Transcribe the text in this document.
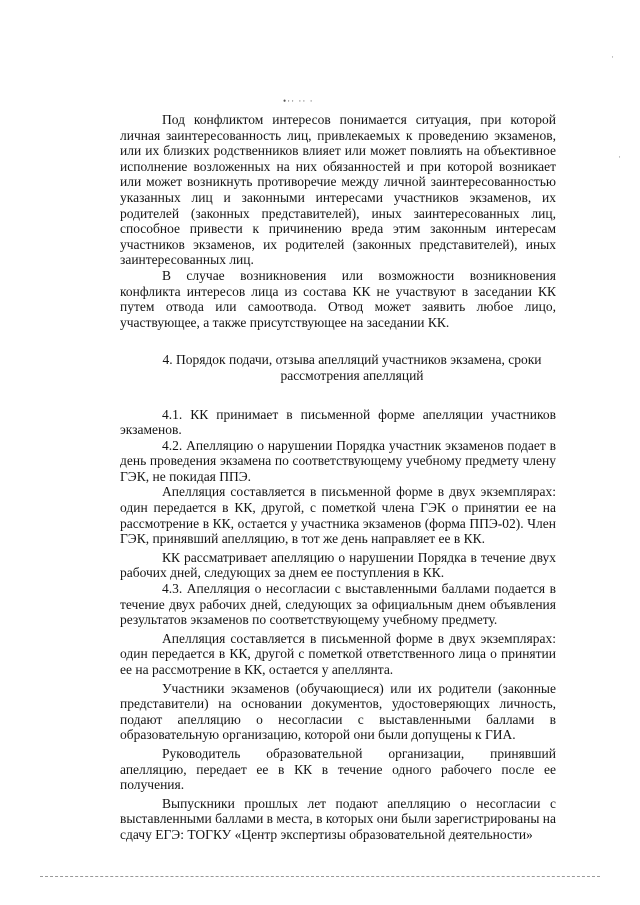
•·· ·· ·
·
·

Под конфликтом интересов понимается ситуация, при которой личная заинтересованность лиц, привлекаемых к проведению экзаменов, или их близких родственников влияет или может повлиять на объективное исполнение возложенных на них обязанностей и при которой возникает или может возникнуть противоречие между личной заинтересованностью указанных лиц и законными интересами участников экзаменов, их родителей (законных представителей), иных заинтересованных лиц, способное привести к причинению вреда этим законным интересам участников экзаменов, их родителей (законных представителей), иных заинтересованных лиц.

В случае возникновения или возможности возникновения конфликта интересов лица из состава КК не участвуют в заседании КК путем отвода или самоотвода. Отвод может заявить любое лицо, участвующее, а также присутствующее на заседании КК.

4. Порядок подачи, отзыва апелляций участников экзамена, сроки рассмотрения апелляций

4.1. КК принимает в письменной форме апелляции участников экзаменов.

4.2. Апелляцию о нарушении Порядка участник экзаменов подает в день проведения экзамена по соответствующему учебному предмету члену ГЭК, не покидая ППЭ.

Апелляция составляется в письменной форме в двух экземплярах: один передается в КК, другой, с пометкой члена ГЭК о принятии ее на рассмотрение в КК, остается у участника экзаменов (форма ППЭ-02). Член ГЭК, принявший апелляцию, в тот же день направляет ее в КК.

КК рассматривает апелляцию о нарушении Порядка в течение двух рабочих дней, следующих за днем ее поступления в КК.

4.3. Апелляция о несогласии с выставленными баллами подается в течение двух рабочих дней, следующих за официальным днем объявления результатов экзаменов по соответствующему учебному предмету.

Апелляция составляется в письменной форме в двух экземплярах: один передается в КК, другой с пометкой ответственного лица о принятии ее на рассмотрение в КК, остается у апеллянта.

Участники экзаменов (обучающиеся) или их родители (законные представители) на основании документов, удостоверяющих личность, подают апелляцию о несогласии с выставленными баллами в образовательную организацию, которой они были допущены к ГИА.

Руководитель образовательной организации, принявший апелляцию, передает ее в КК в течение одного рабочего после ее получения.

Выпускники прошлых лет подают апелляцию о несогласии с выставленными баллами в места, в которых они были зарегистрированы на сдачу ЕГЭ: ТОГКУ «Центр экспертизы образовательной деятельности»
